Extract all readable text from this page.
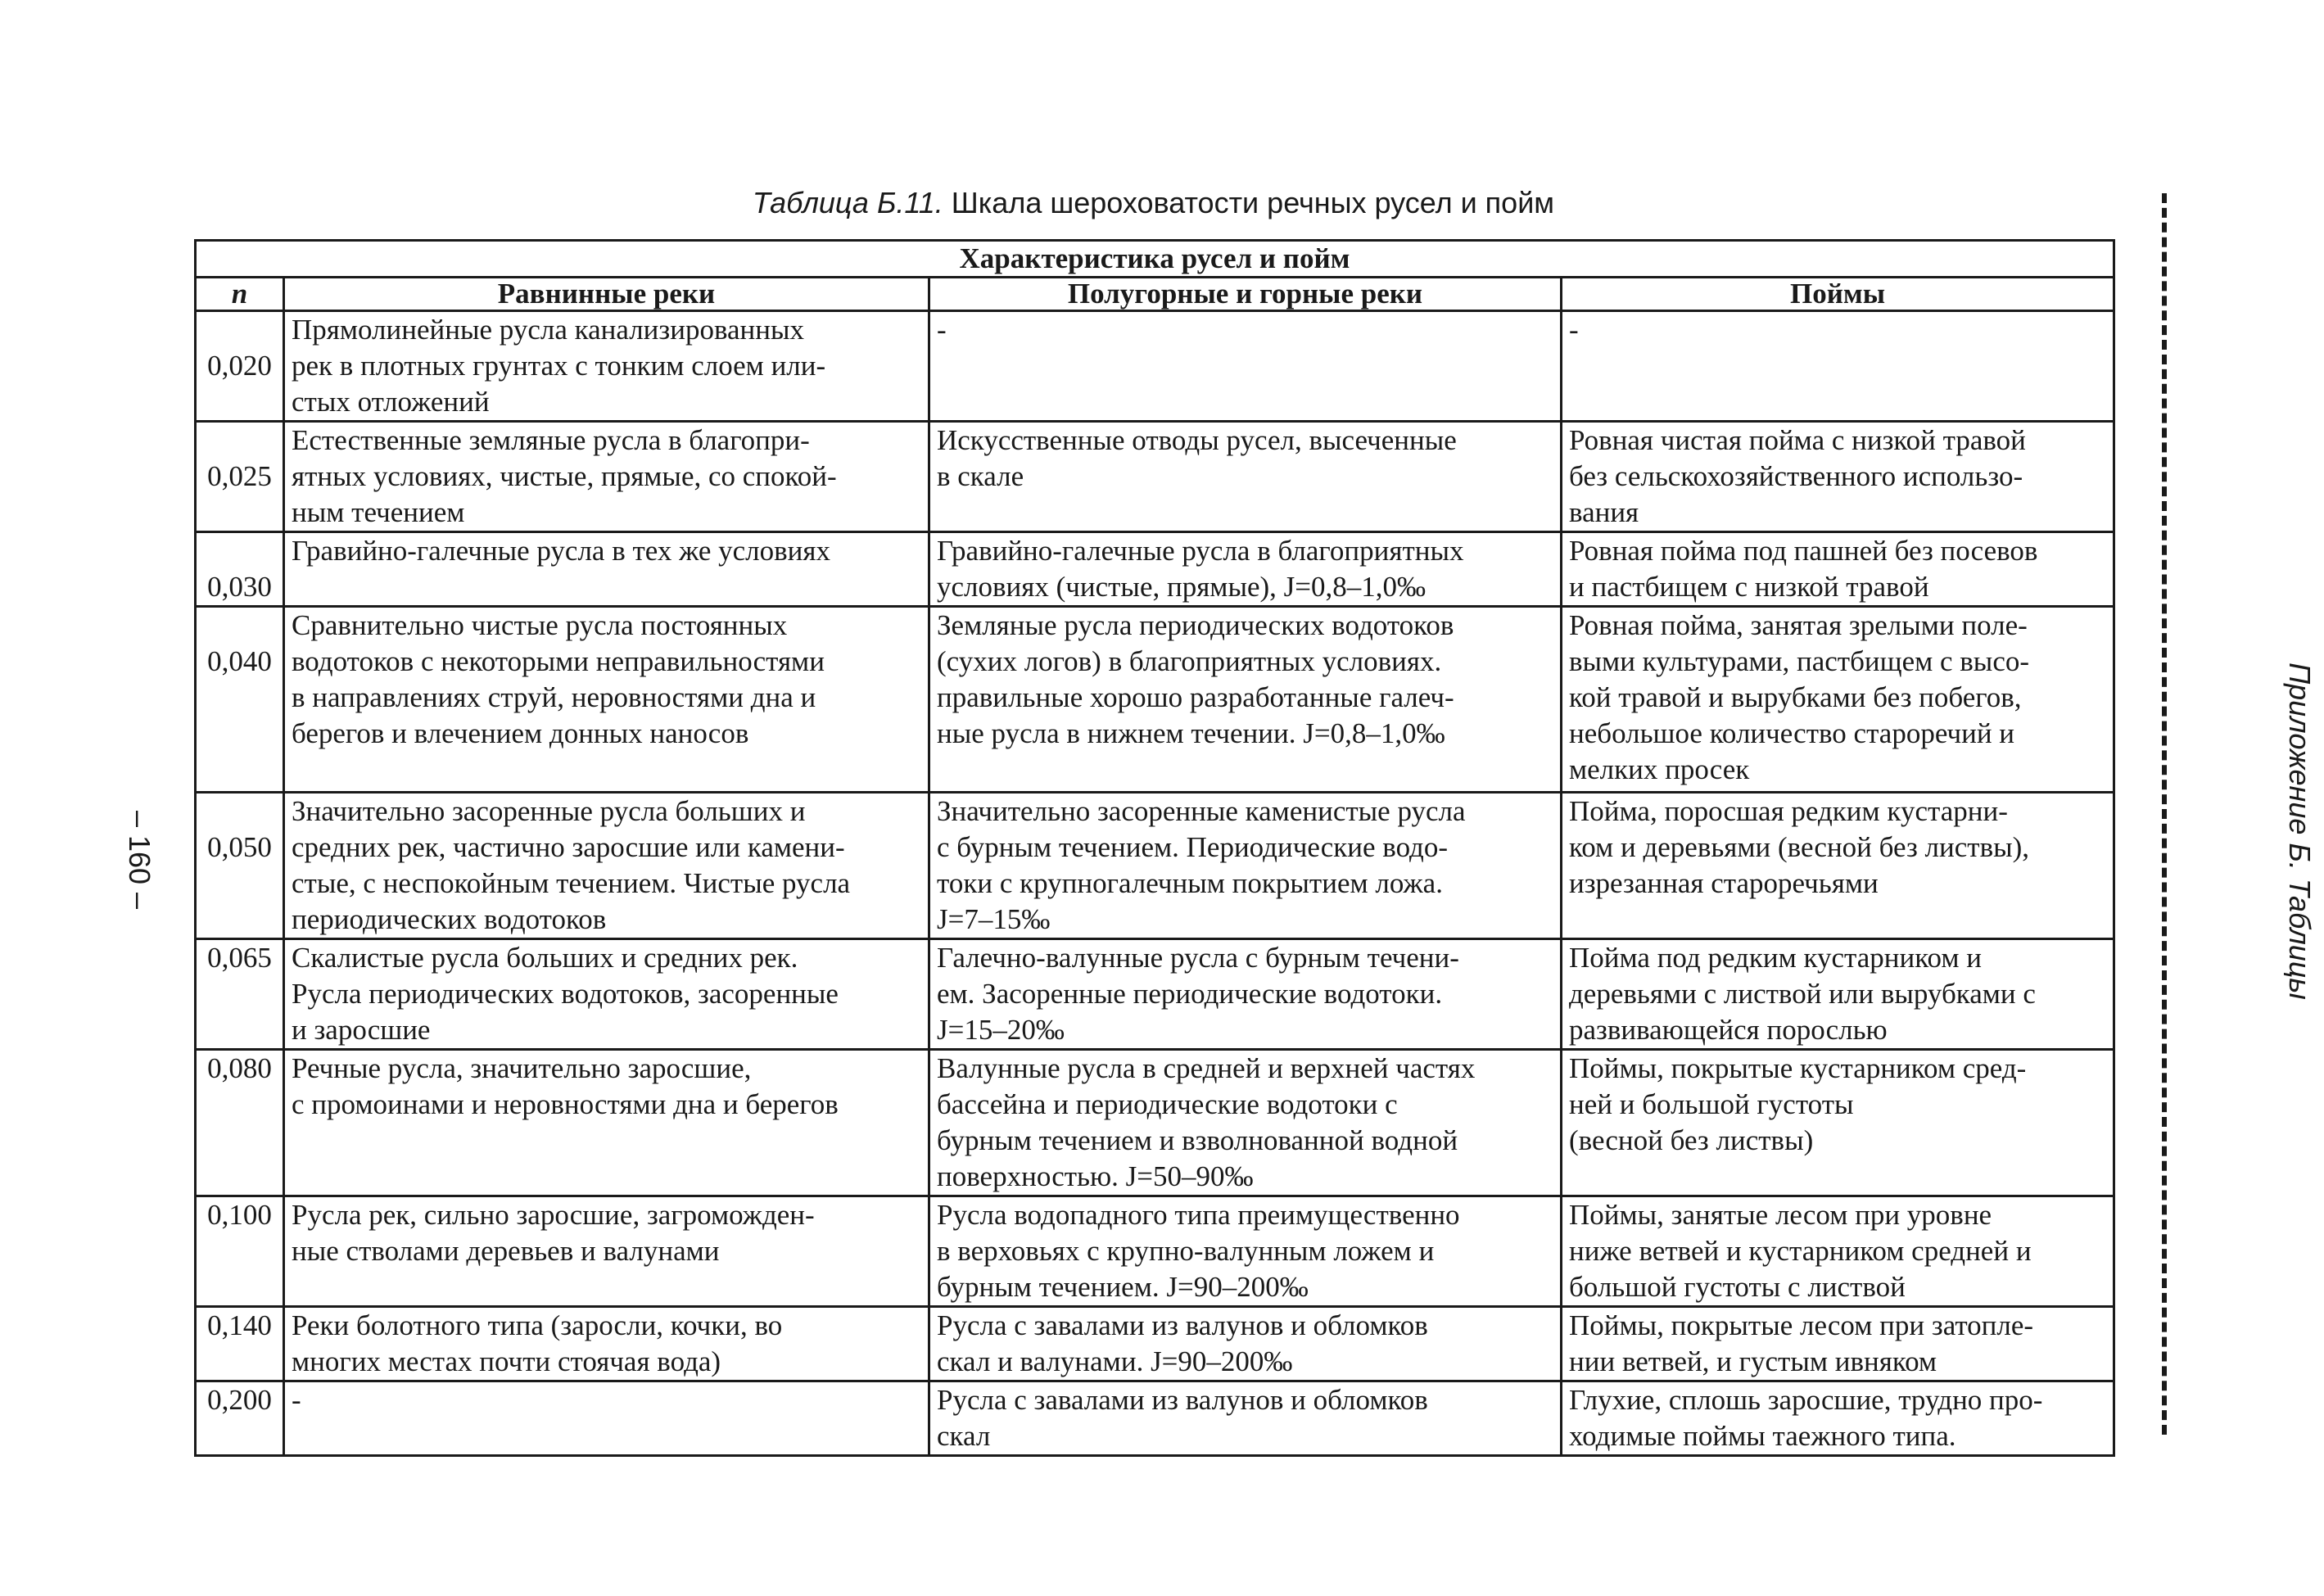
Таблица Б.11. Шкала шероховатости речных русел и пойм
Характеристика русел и пойм			
n	Равнинные реки	Полугорные и горные реки	Поймы
0,020	Прямолинейные русла канализированных
рек в плотных грунтах с тонким слоем или-
стых отложений	-	-

0,025	Естественные земляные русла в благопри-
ятных условиях, чистые, прямые, со спокой-
ным течением	Искусственные отводы русел, высеченные
в скале	Ровная чистая пойма с низкой травой
без сельскохозяйственного использо-
вания

0,030	Гравийно-галечные русла в тех же условиях	Гравийно-галечные русла в благоприятных
условиях (чистые, прямые), J=0,8–1,0‰	Ровная пойма под пашней без посевов
и пастбищем с низкой травой

0,040	Сравнительно чистые русла постоянных
водотоков с некоторыми неправильностями
в направлениях струй, неровностями дна и
берегов и влечением донных наносов	Земляные русла периодических водотоков
(сухих логов) в благоприятных условиях.
правильные хорошо разработанные галеч-
ные русла в нижнем течении. J=0,8–1,0‰	Ровная пойма, занятая зрелыми поле-
выми культурами, пастбищем с высо-
кой травой и вырубками без побегов,
небольшое количество старoречий и
мелких просек

0,050	Значительно засоренные русла больших и
средних рек, частично заросшие или камени-
стые, с неспокойным течением. Чистые русла
периодических водотоков	Значительно засоренные каменистые русла
с бурным течением. Периодические водо-
токи с крупногалечным покрытием ложа.
J=7–15‰	Пойма, поросшая редким кустарни-
ком и деревьями (весной без листвы),
изрезанная старoречьями

0,065	Скалистые русла больших и средних рек.
Русла периодических водотоков, засоренные
и заросшие	Галечно-валунные русла с бурным течени-
ем. Засоренные периодические водотоки.
J=15–20‰	Пойма под редким кустарником и
деревьями с листвой или вырубками с
развивающейся порослью

0,080	Речные русла, значительно заросшие,
с промоинами и неровностями дна и берегов	Валунные русла в средней и верхней частях
бассейна и периодические водотоки с
бурным течением и взволнованной водной
поверхностью. J=50–90‰	Поймы, покрытые кустарником сред-
ней и большой густоты
(весной без листвы)

0,100	Русла рек, сильно заросшие, загроможден-
ные стволами деревьев и валунами	Русла водопадного типа преимущественно
в верховьях с крупно-валунным ложем и
бурным течением. J=90–200‰	Поймы, занятые лесом при уровне
ниже ветвей и кустарником средней и
большой густоты с листвой

0,140	Реки болотного типа (заросли, кочки, во
многих местах почти стоячая вода)	Русла с завалами из валунов и обломков
скал и валунами. J=90–200‰	Поймы, покрытые лесом при затопле-
нии ветвей, и густым ивняком

0,200	-	Русла с завалами из валунов и обломков
скал	Глухие, сплошь заросшие, трудно про-
ходимые поймы таежного типа.
Приложение Б. Таблицы
– 160 –
